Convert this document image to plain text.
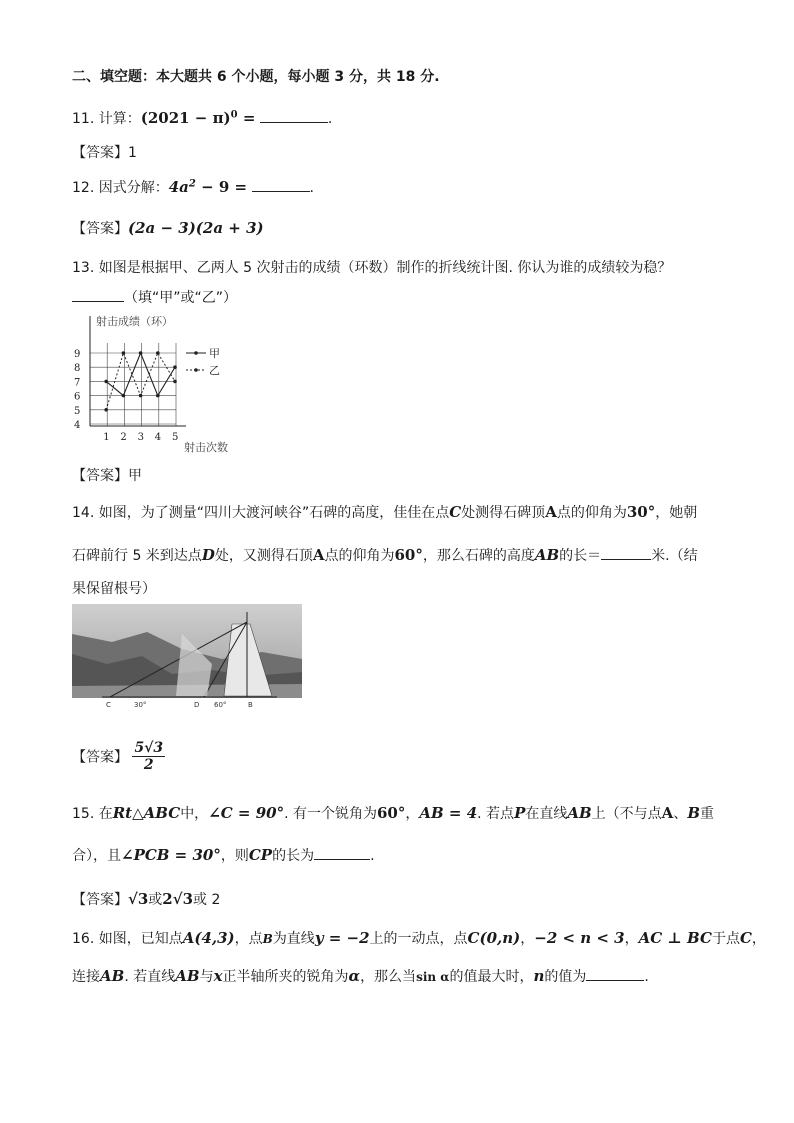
二、填空题：本大题共 6 个小题，每小题 3 分，共 18 分.
11. 计算：$(2021 - \pi)^0$ =	.
【答案】1
12. 因式分解：$4a^2 - 9$ =	.
【答案】(2a − 3)(2a + 3)
13. 如图是根据甲、乙两人 5 次射击的成绩（环数）制作的折线统计图. 你认为谁的成绩较为稳？
（填“甲”或“乙”）
4
5
6
7
8
9
射击成绩（环）
1 2 3 4 5
射击次数
甲
乙
【答案】甲
14. 如图，为了测量“四川大渡河峡谷”石碑的高度，佳佳在点C处测得石碑顶A点的仰角为30°，她朝
石碑前行 5 米到达点D处，又测得石顶A点的仰角为60°，那么石碑的高度AB的长＝	米.（结
果保留根号）
C	30°	D 60°	B
【答案】 $\frac{5√3}{2}$
15. 在Rt△ABC中，∠C = 90°. 有一个锐角为60°，AB = 4. 若点P在直线AB上（不与点A、B重
合），且∠PCB = 30°，则CP的长为	.
【答案】√3或2√3或 2
16. 如图，已知点A(4,3)，点B为直线y = −2上的一动点，点C(0,n)，−2 < n < 3，AC ⊥ BC于点C，
连接AB. 若直线AB与x正半轴所夹的锐角为α，那么当sin α的值最大时，n的值为	.
